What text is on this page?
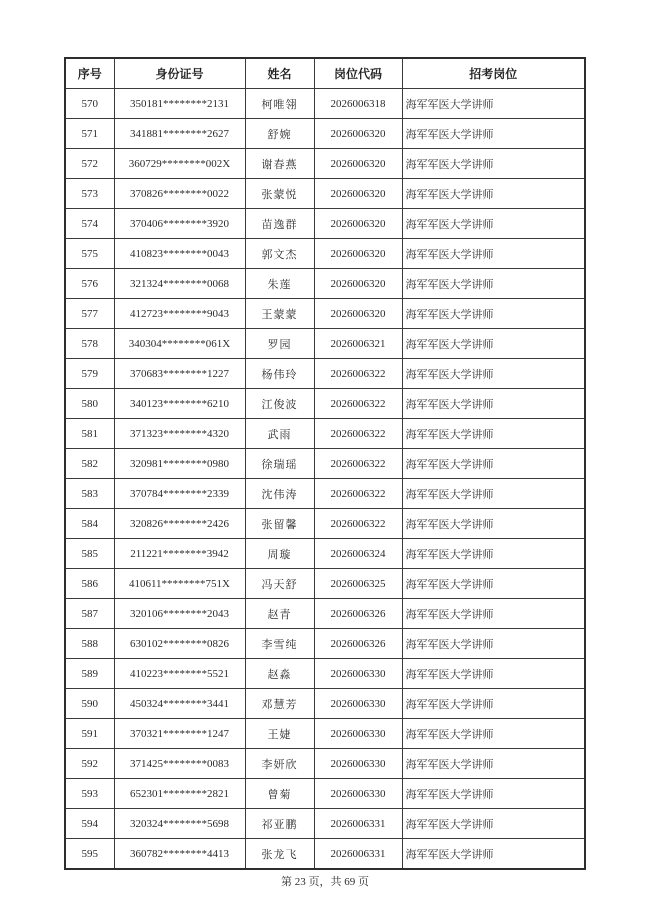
序号	身份证号	姓名	岗位代码	招考岗位
570	350181********2131	柯唯翎	2026006318	海军军医大学讲师
571	341881********2627	舒婉	2026006320	海军军医大学讲师
572	360729********002X	谢春燕	2026006320	海军军医大学讲师
573	370826********0022	张蒙悦	2026006320	海军军医大学讲师
574	370406********3920	苗逸群	2026006320	海军军医大学讲师
575	410823********0043	郭文杰	2026006320	海军军医大学讲师
576	321324********0068	朱莲	2026006320	海军军医大学讲师
577	412723********9043	王蒙蒙	2026006320	海军军医大学讲师
578	340304********061X	罗园	2026006321	海军军医大学讲师
579	370683********1227	杨伟玲	2026006322	海军军医大学讲师
580	340123********6210	江俊波	2026006322	海军军医大学讲师
581	371323********4320	武雨	2026006322	海军军医大学讲师
582	320981********0980	徐瑞瑶	2026006322	海军军医大学讲师
583	370784********2339	沈伟涛	2026006322	海军军医大学讲师
584	320826********2426	张留馨	2026006322	海军军医大学讲师
585	211221********3942	周璇	2026006324	海军军医大学讲师
586	410611********751X	冯天舒	2026006325	海军军医大学讲师
587	320106********2043	赵青	2026006326	海军军医大学讲师
588	630102********0826	李雪纯	2026006326	海军军医大学讲师
589	410223********5521	赵淼	2026006330	海军军医大学讲师
590	450324********3441	邓慧芳	2026006330	海军军医大学讲师
591	370321********1247	王婕	2026006330	海军军医大学讲师
592	371425********0083	李妍欣	2026006330	海军军医大学讲师
593	652301********2821	曾菊	2026006330	海军军医大学讲师
594	320324********5698	祁亚鹏	2026006331	海军军医大学讲师
595	360782********4413	张龙飞	2026006331	海军军医大学讲师
第 23 页，共 69 页
